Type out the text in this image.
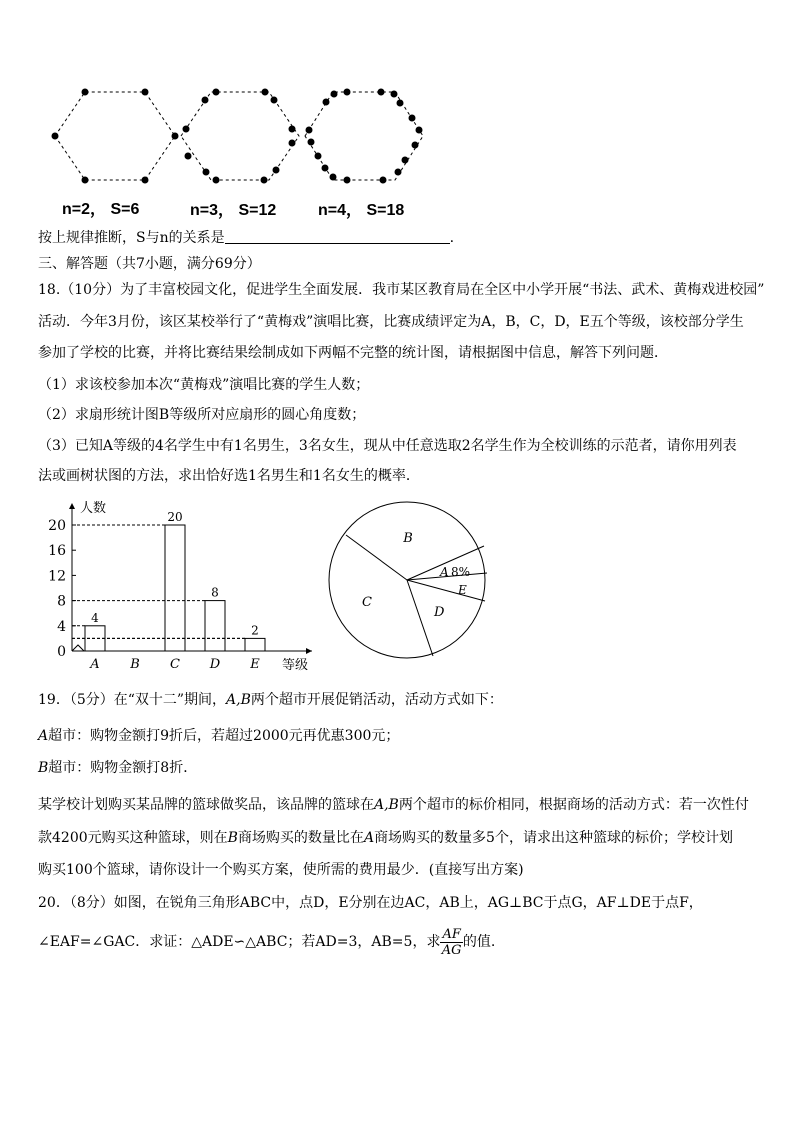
n=2， S=6	n=3， S=12	n=4， S=18
按上规律推断，S与n的关系是	.
三、解答题（共7小题，满分69分）
18.（10分）为了丰富校园文化，促进学生全面发展．我市某区教育局在全区中小学开展“书法、武术、黄梅戏进校园”
活动．今年3月份，该区某校举行了“黄梅戏”演唱比赛，比赛成绩评定为A，B，C，D，E五个等级，该校部分学生
参加了学校的比赛，并将比赛结果绘制成如下两幅不完整的统计图，请根据图中信息，解答下列问题．
（1）求该校参加本次“黄梅戏”演唱比赛的学生人数；
（2）求扇形统计图B等级所对应扇形的圆心角度数；
（3）已知A等级的4名学生中有1名男生，3名女生，现从中任意选取2名学生作为全校训练的示范者，请你用列表
法或画树状图的方法，求出恰好选1名男生和1名女生的概率．
人数
等级
0
4
8
12
16
20
A
4
B C
20
D
8
E
2
B
A 8%
E
D
C
19．（5分）在“双十二”期间，A,B两个超市开展促销活动，活动方式如下：
A超市：购物金额打9折后，若超过2000元再优惠300元；
B超市：购物金额打8折．
某学校计划购买某品牌的篮球做奖品，该品牌的篮球在A,B两个超市的标价相同，根据商场的活动方式：若一次性付
款4200元购买这种篮球，则在B商场购买的数量比在A商场购买的数量多5个，请求出这种篮球的标价；学校计划
购买100个篮球，请你设计一个购买方案，使所需的费用最少．(直接写出方案)
20．（8分）如图，在锐角三角形ABC中，点D，E分别在边AC，AB上，AG⊥BC于点G，AF⊥DE于点F，
∠EAF=∠GAC．求证：△ADE∽△ABC；若AD=3，AB=5，求 $\frac{AF}{AG}$ 的值.
